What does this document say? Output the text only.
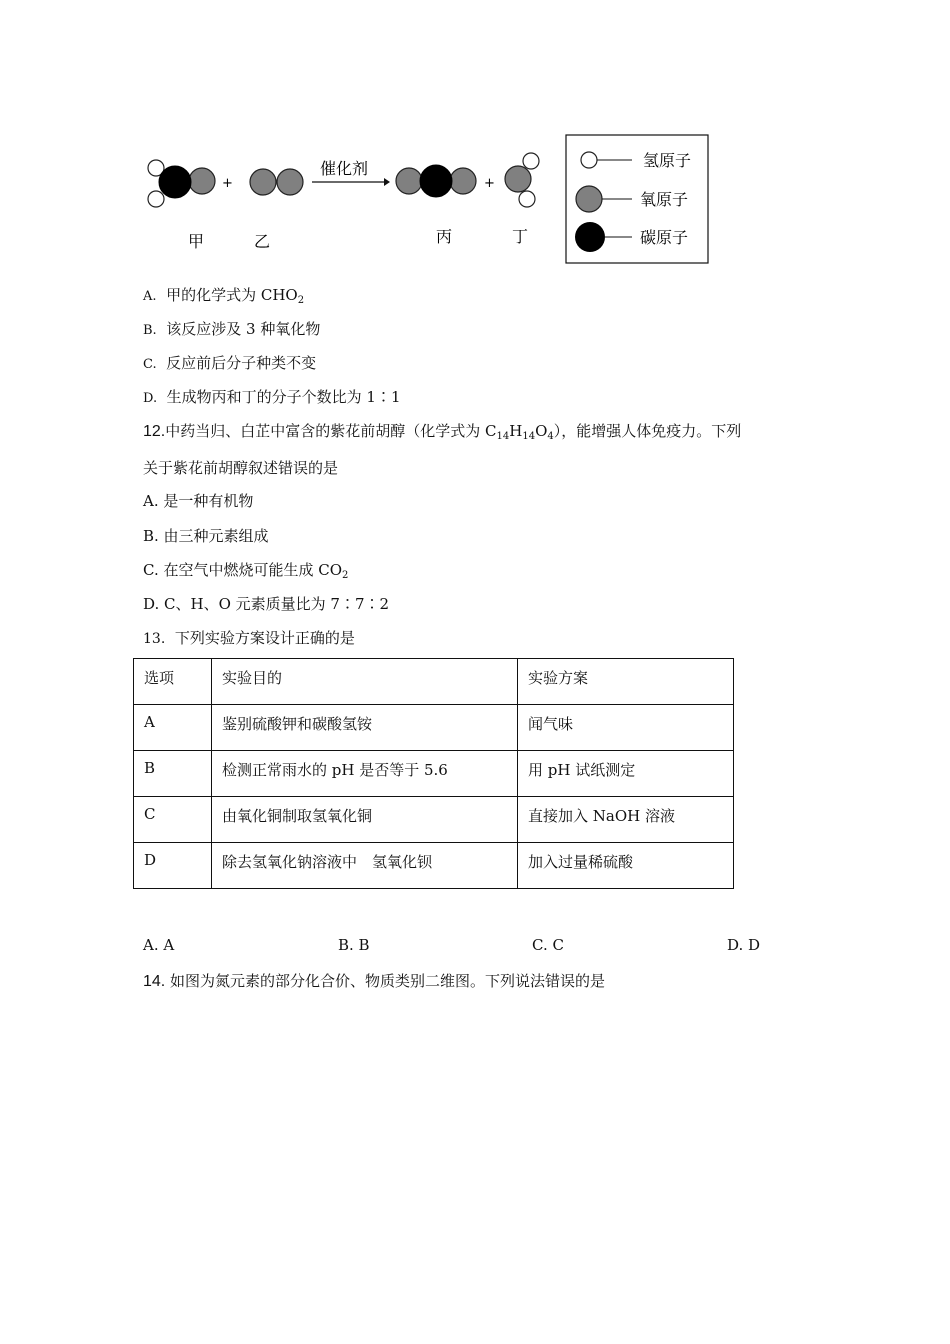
+
催化剂
+
甲	乙	丙	丁
氢原子
氧原子
碳原子
A. 甲的化学式为 $CHO_2$
B. 该反应涉及 3 种氧化物
C. 反应前后分子种类不变
D. 生成物丙和丁的分子个数比为 1∶1
12.中药当归、白芷中富含的紫花前胡醇（化学式为 $C_{14}H_{14}O_4$），能增强人体免疫力。下列
关于紫花前胡醇叙述错误的是
A. 是一种有机物
B. 由三种元素组成
C. 在空气中燃烧可能生成 $CO_2$
D. C、H、O 元素质量比为 7∶7∶2
13. 下列实验方案设计正确的是
选项	实验目的	实验方案
A	鉴别硫酸钾和碳酸氢铵	闻气味
B	检测正常雨水的 pH 是否等于 5.6	用 pH 试纸测定
C	由氧化铜制取氢氧化铜	直接加入 NaOH 溶液
D	除去氢氧化钠溶液中　氢氧化钡	加入过量稀硫酸
A. A	B. B	C. C	D. D
14. 如图为氮元素的部分化合价、物质类别二维图。下列说法错误的是
